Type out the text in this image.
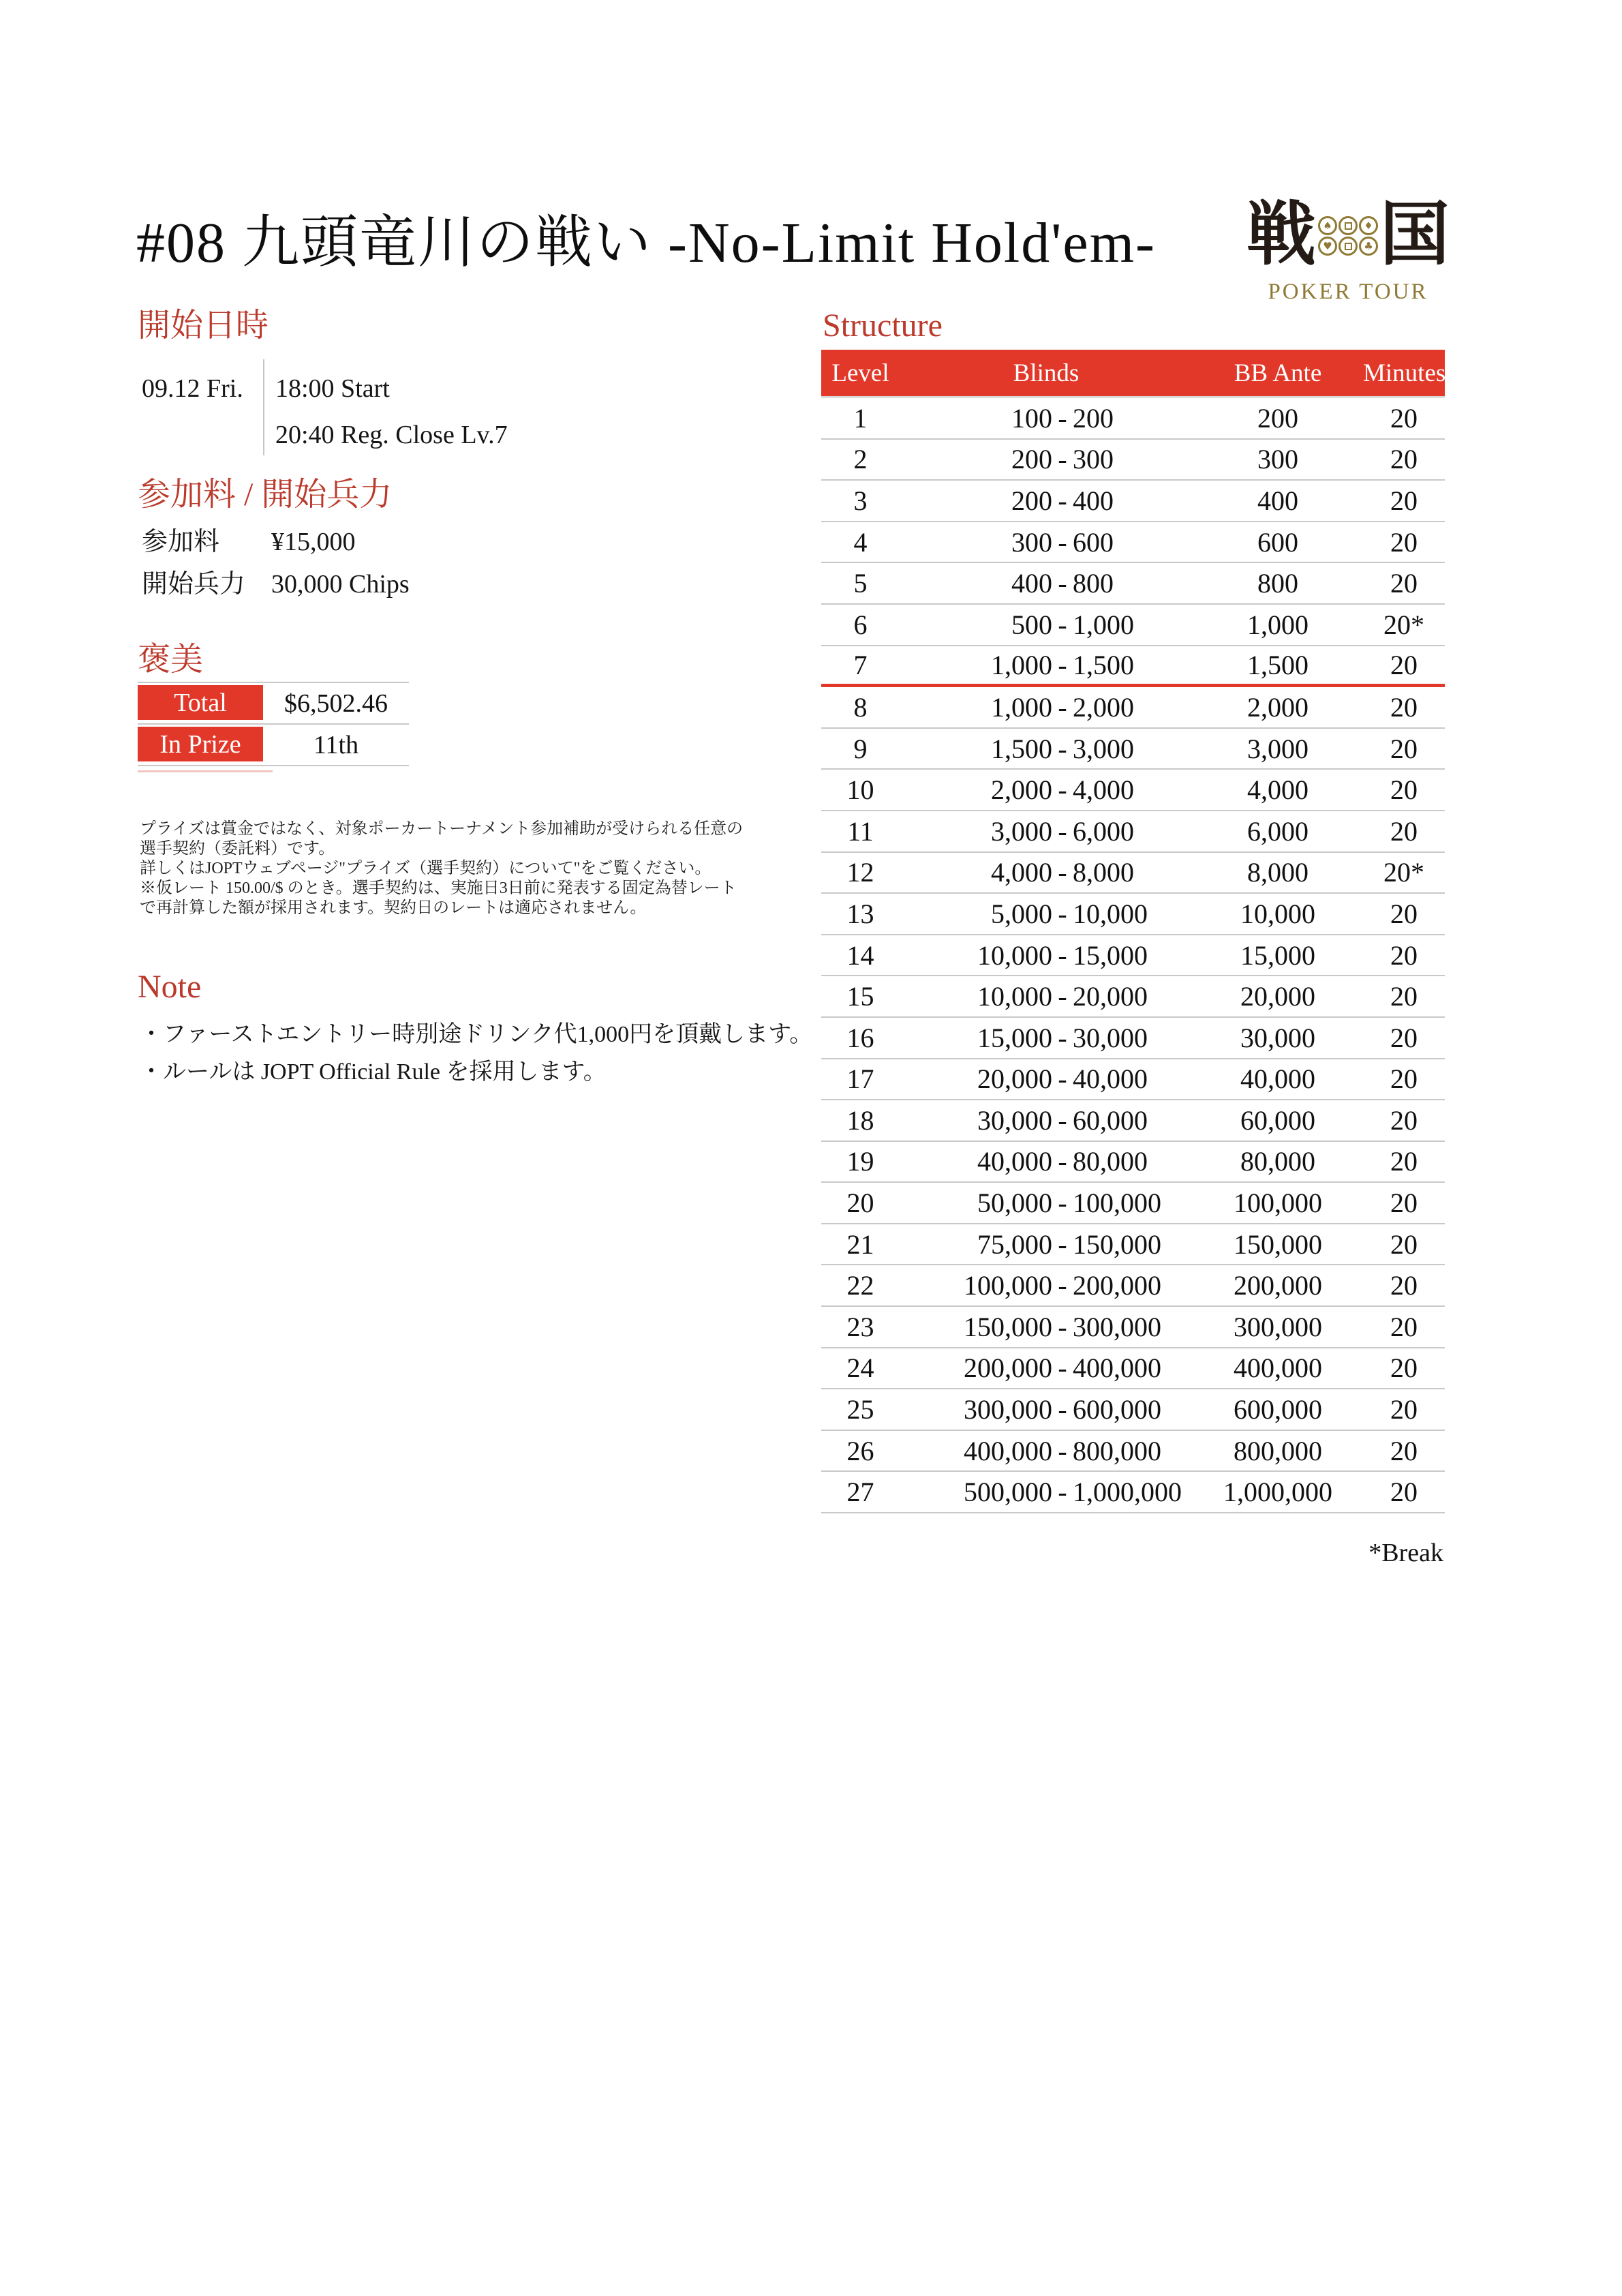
#08 九頭竜川の戦い -No-Limit Hold'em- 戦 ♠	♦
♥	♣ 国
POKER TOUR
開始日時
09.12 Fri. 18:00 Start
20:40 Reg. Close Lv.7
参加料 / 開始兵力
参加料	¥15,000
開始兵力 30,000 Chips
褒美
Total	$6,502.46
In Prize	11th
プライズは賞金ではなく、対象ポーカートーナメント参加補助が受けられる任意の
選手契約（委託料）です。
詳しくはJOPTウェブページ"プライズ（選手契約）について"をご覧ください。
※仮レート 150.00/$ のとき。選手契約は、実施日3日前に発表する固定為替レート
で再計算した額が採用されます。契約日のレートは適応されません。
Note
・ファーストエントリー時別途ドリンク代1,000円を頂戴します。
・ルールは JOPT Official Rule を採用します。
Structure
Level	Blinds	BB Ante	Minutes
1	100 - 200	200	20
2	200 - 300	300	20
3	200 - 400	400	20
4	300 - 600	600	20
5	400 - 800	800	20
6	500 - 1,000	1,000	20*
7	1,000 - 1,500	1,500	20
8	1,000 - 2,000	2,000	20
9	1,500 - 3,000	3,000	20
10	2,000 - 4,000	4,000	20
11	3,000 - 6,000	6,000	20
12	4,000 - 8,000	8,000	20*
13	5,000 - 10,000	10,000	20
14	10,000 - 15,000	15,000	20
15	10,000 - 20,000	20,000	20
16	15,000 - 30,000	30,000	20
17	20,000 - 40,000	40,000	20
18	30,000 - 60,000	60,000	20
19	40,000 - 80,000	80,000	20
20	50,000 - 100,000	100,000	20
21	75,000 - 150,000	150,000	20
22	100,000 - 200,000	200,000	20
23	150,000 - 300,000	300,000	20
24	200,000 - 400,000	400,000	20
25	300,000 - 600,000	600,000	20
26	400,000 - 800,000	800,000	20
27	500,000 - 1,000,000	1,000,000	20
*Break
